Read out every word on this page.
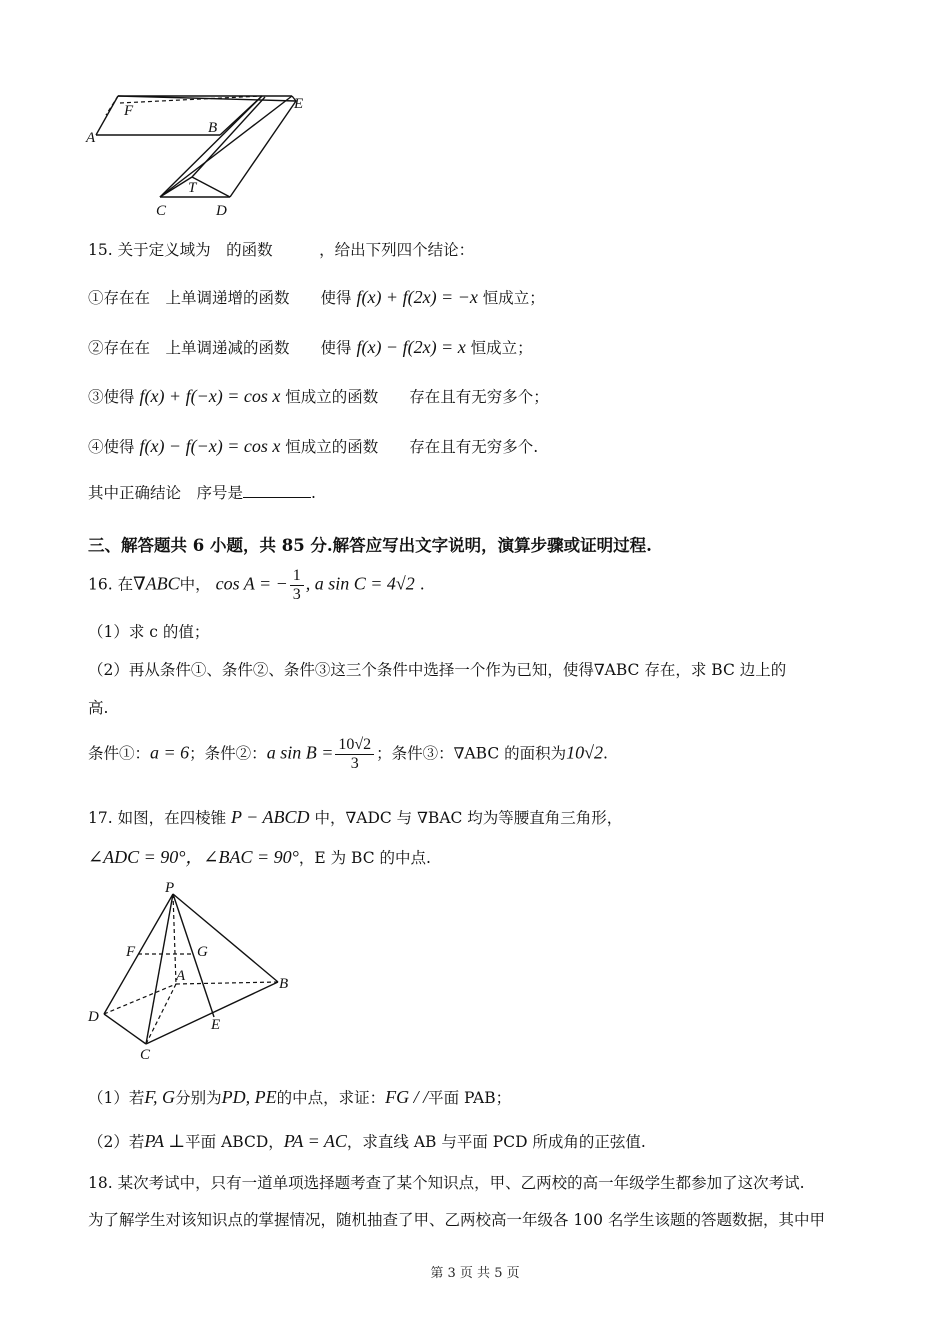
F
A
B
E
T
C	D
15. 关于定义域为　的函数　　　，给出下列四个结论：
①存在在　上单调递增的函数　　使得 f(x) + f(2x) = −x 恒成立；
②存在在　上单调递减的函数　　使得 f(x) − f(2x) = x 恒成立；
③使得 f(x) + f(−x) = cos x 恒成立的函数　　存在且有无穷多个；
④使得 f(x) − f(−x) = cos x 恒成立的函数　　存在且有无穷多个.
其中正确结论　序号是	.
三、解答题共 6 小题，共 85 分.解答应写出文字说明，演算步骤或证明过程.
16. 在∇ABC中， cos A = − $\frac{1}{3}$ , a sin C = 4√2 .
（1）求 c 的值；
（2）再从条件①、条件②、条件③这三个条件中选择一个作为已知，使得∇ABC 存在，求 BC 边上的
高.
条件①：a = 6；条件②：a $\sin B = \frac{10√2}{3}$ ；条件③：∇ABC 的面积为10√2.
17. 如图，在四棱锥 P − ABCD 中，∇ADC 与 ∇BAC 均为等腰直角三角形，
∠ADC = 90°，∠BAC = 90°，E 为 BC 的中点.
P
F	G
A	B
D	E
C
（1）若F, G分别为PD, PE的中点，求证：FG / /平面 PAB；
（2）若PA ⊥平面 ABCD，PA = AC，求直线 AB 与平面 PCD 所成角的正弦值.
18. 某次考试中，只有一道单项选择题考查了某个知识点，甲、乙两校的高一年级学生都参加了这次考试.
为了解学生对该知识点的掌握情况，随机抽查了甲、乙两校高一年级各 100 名学生该题的答题数据，其中甲
第 3 页 共 5 页
